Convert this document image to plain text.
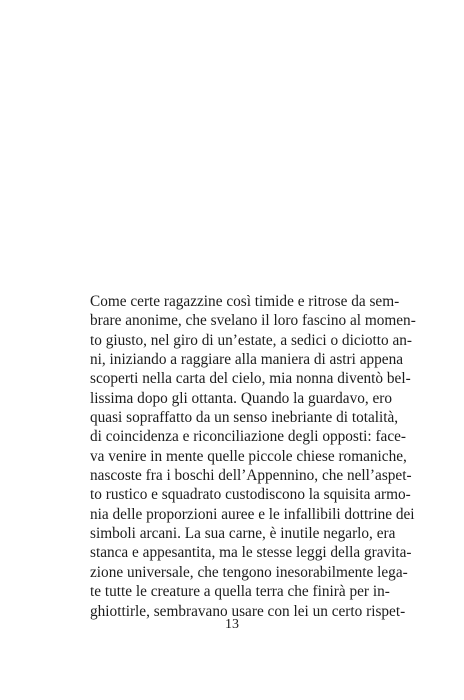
Come certe ragazzine così timide e ritrose da sem-
brare anonime, che svelano il loro fascino al momen-
to giusto, nel giro di un’estate, a sedici o diciotto an-
ni, iniziando a raggiare alla maniera di astri appena
scoperti nella carta del cielo, mia nonna diventò bel-
lissima dopo gli ottanta. Quando la guardavo, ero
quasi sopraffatto da un senso inebriante di totalità,
di coincidenza e riconciliazione degli opposti: face-
va venire in mente quelle piccole chiese romaniche,
nascoste fra i boschi dell’Appennino, che nell’aspet-
to rustico e squadrato custodiscono la squisita armo-
nia delle proporzioni auree e le infallibili dottrine dei
simboli arcani. La sua carne, è inutile negarlo, era
stanca e appesantita, ma le stesse leggi della gravita-
zione universale, che tengono inesorabilmente lega-
te tutte le creature a quella terra che finirà per in-
ghiottirle, sembravano usare con lei un certo rispet-
13
